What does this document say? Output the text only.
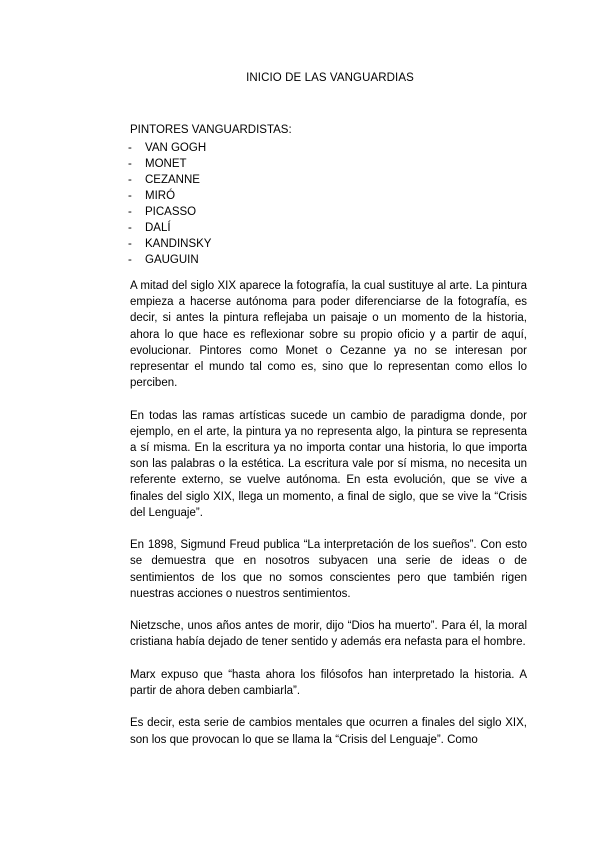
INICIO DE LAS VANGUARDIAS
PINTORES VANGUARDISTAS:
- VAN GOGH
- MONET
- CEZANNE
- MIRÓ
- PICASSO
- DALÍ
- KANDINSKY
- GAUGUIN

A mitad del siglo XIX aparece la fotografía, la cual sustituye al arte. La pintura empieza a hacerse autónoma para poder diferenciarse de la fotografía, es decir, si antes la pintura reflejaba un paisaje o un momento de la historia, ahora lo que hace es reflexionar sobre su propio oficio y a partir de aquí, evolucionar. Pintores como Monet o Cezanne ya no se interesan por representar el mundo tal como es, sino que lo representan como ellos lo perciben.

En todas las ramas artísticas sucede un cambio de paradigma donde, por ejemplo, en el arte, la pintura ya no representa algo, la pintura se representa a sí misma. En la escritura ya no importa contar una historia, lo que importa son las palabras o la estética. La escritura vale por sí misma, no necesita un referente externo, se vuelve autónoma. En esta evolución, que se vive a finales del siglo XIX, llega un momento, a final de siglo, que se vive la “Crisis del Lenguaje”.

En 1898, Sigmund Freud publica “La interpretación de los sueños”. Con esto se demuestra que en nosotros subyacen una serie de ideas o de sentimientos de los que no somos conscientes pero que también rigen nuestras acciones o nuestros sentimientos.

Nietzsche, unos años antes de morir, dijo “Dios ha muerto”. Para él, la moral cristiana había dejado de tener sentido y además era nefasta para el hombre.

Marx expuso que “hasta ahora los filósofos han interpretado la historia. A partir de ahora deben cambiarla”.

Es decir, esta serie de cambios mentales que ocurren a finales del siglo XIX, son los que provocan lo que se llama la “Crisis del Lenguaje”. Como
